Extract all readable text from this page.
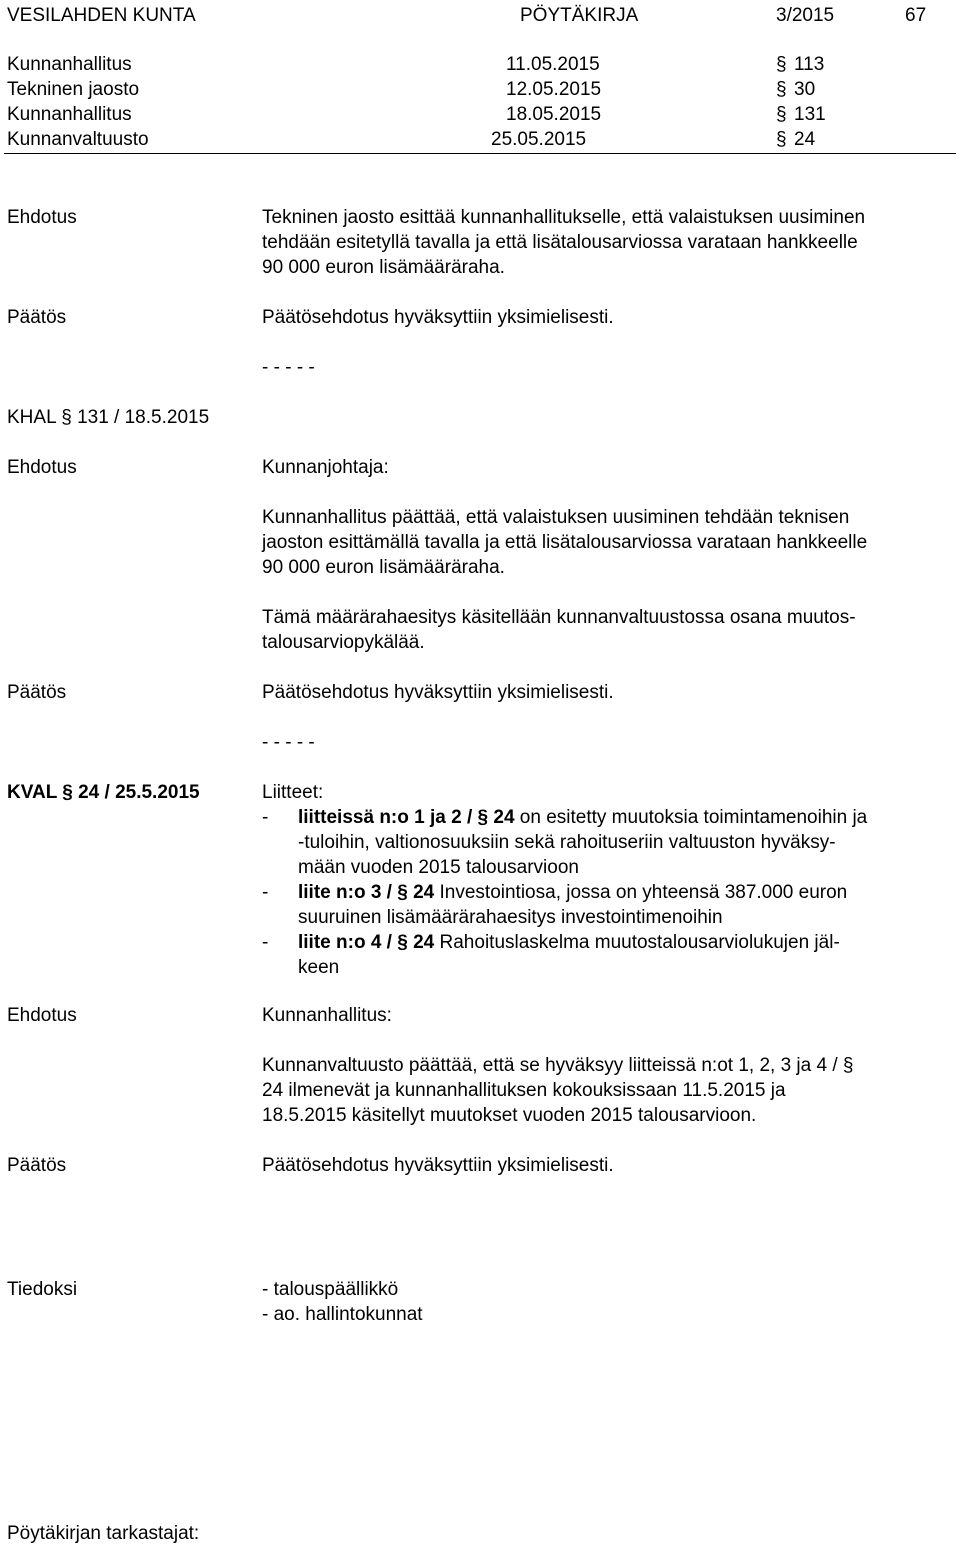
VESILAHDEN KUNTA	PÖYTÄKIRJA	3/2015	67
Kunnanhallitus	11.05.2015	§ 113
Tekninen jaosto	12.05.2015	§ 30
Kunnanhallitus	18.05.2015	§ 131
Kunnanvaltuusto	25.05.2015	§ 24
Ehdotus	Tekninen jaosto esittää kunnanhallitukselle, että valaistuksen uusiminen
tehdään esitetyllä tavalla ja että lisätalousarviossa varataan hankkeelle
90 000 euron lisämääräraha.
Päätös	Päätösehdotus hyväksyttiin yksimielisesti.
- - - - -
KHAL § 131 / 18.5.2015
Ehdotus	Kunnanjohtaja:
Kunnanhallitus päättää, että valaistuksen uusiminen tehdään teknisen
jaoston esittämällä tavalla ja että lisätalousarviossa varataan hankkeelle
90 000 euron lisämääräraha.
Tämä määrärahaesitys käsitellään kunnanvaltuustossa osana muutos-
talousarviopykälää.
Päätös	Päätösehdotus hyväksyttiin yksimielisesti.
- - - - -
KVAL § 24 / 25.5.2015	Liitteet:
- liitteissä n:o 1 ja 2 / § 24 on esitetty muutoksia toimintamenoihin ja
-tuloihin, valtionosuuksiin sekä rahoituseriin valtuuston hyväksy-
mään vuoden 2015 talousarvioon
- liite n:o 3 / § 24 Investointiosa, jossa on yhteensä 387.000 euron
suuruinen lisämäärärahaesitys investointimenoihin
- liite n:o 4 / § 24 Rahoituslaskelma muutostalousarviolukujen jäl-
keen
Ehdotus	Kunnanhallitus:
Kunnanvaltuusto päättää, että se hyväksyy liitteissä n:ot 1, 2, 3 ja 4 / §
24 ilmenevät ja kunnanhallituksen kokouksissaan 11.5.2015 ja
18.5.2015 käsitellyt muutokset vuoden 2015 talousarvioon.
Päätös	Päätösehdotus hyväksyttiin yksimielisesti.
Tiedoksi	- talouspäällikkö
- ao. hallintokunnat
Pöytäkirjan tarkastajat:
